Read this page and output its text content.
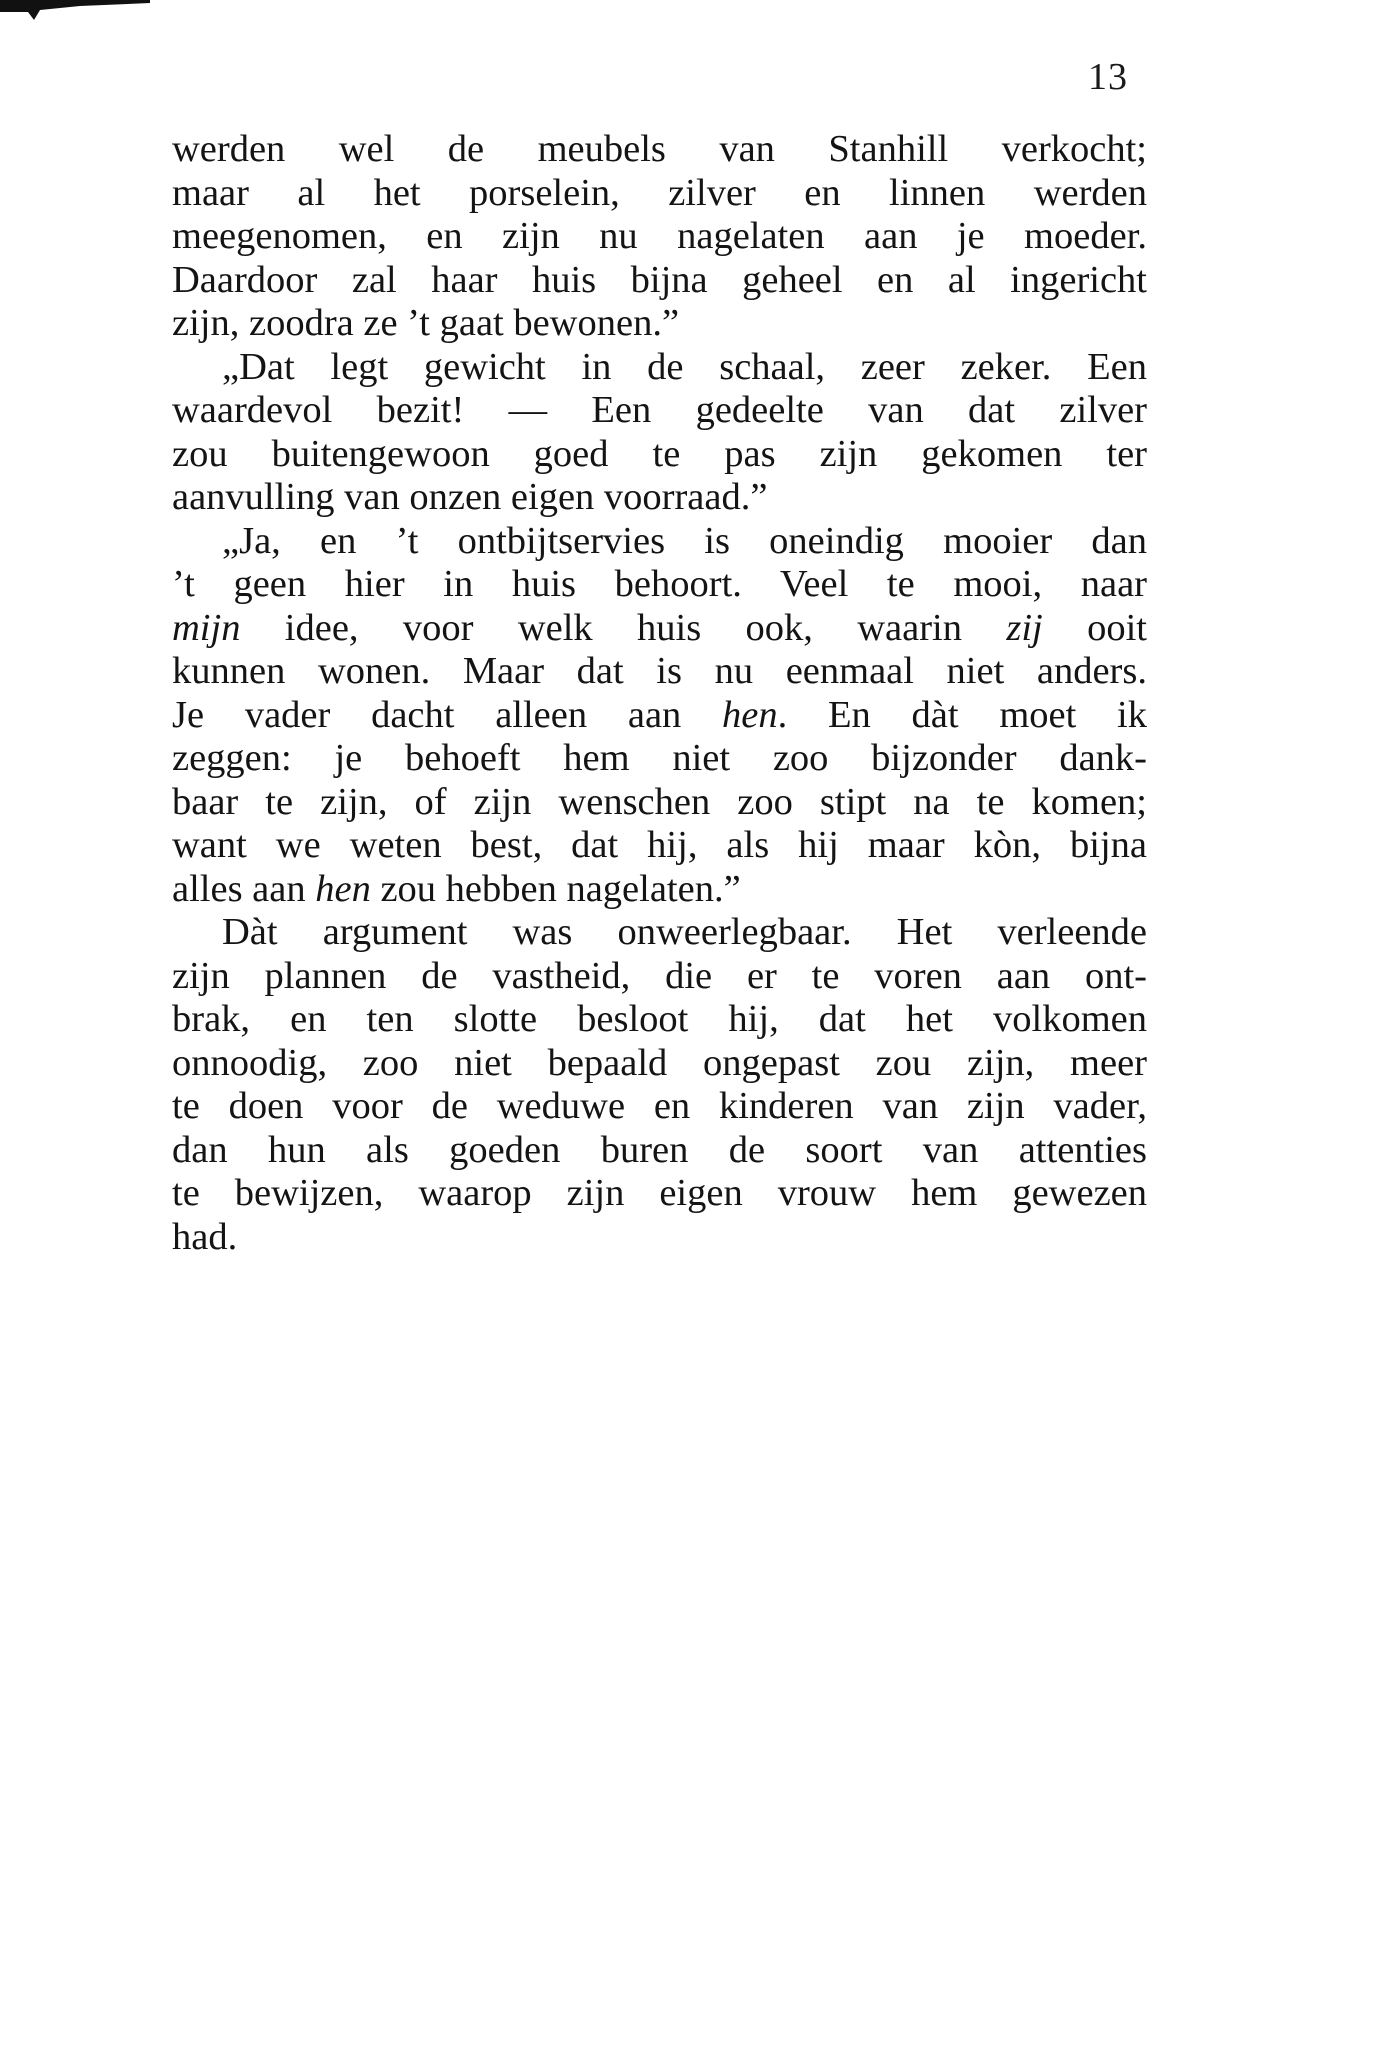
13
werden wel de meubels van Stanhill verkocht;
maar al het porselein, zilver en linnen werden
meegenomen, en zijn nu nagelaten aan je moeder.
Daardoor zal haar huis bijna geheel en al ingericht
zijn, zoodra ze ’t gaat bewonen.”
„Dat legt gewicht in de schaal, zeer zeker. Een
waardevol bezit! — Een gedeelte van dat zilver
zou buitengewoon goed te pas zijn gekomen ter
aanvulling van onzen eigen voorraad.”
„Ja, en ’t ontbijtservies is oneindig mooier dan
’t geen hier in huis behoort. Veel te mooi, naar
mijn idee, voor welk huis ook, waarin zij ooit
kunnen wonen. Maar dat is nu eenmaal niet anders.
Je vader dacht alleen aan hen. En dàt moet ik
zeggen: je behoeft hem niet zoo bijzonder dank-
baar te zijn, of zijn wenschen zoo stipt na te komen;
want we weten best, dat hij, als hij maar kòn, bijna
alles aan hen zou hebben nagelaten.”
Dàt argument was onweerlegbaar. Het verleende
zijn plannen de vastheid, die er te voren aan ont-
brak, en ten slotte besloot hij, dat het volkomen
onnoodig, zoo niet bepaald ongepast zou zijn, meer
te doen voor de weduwe en kinderen van zijn vader,
dan hun als goeden buren de soort van attenties
te bewijzen, waarop zijn eigen vrouw hem gewezen
had.
